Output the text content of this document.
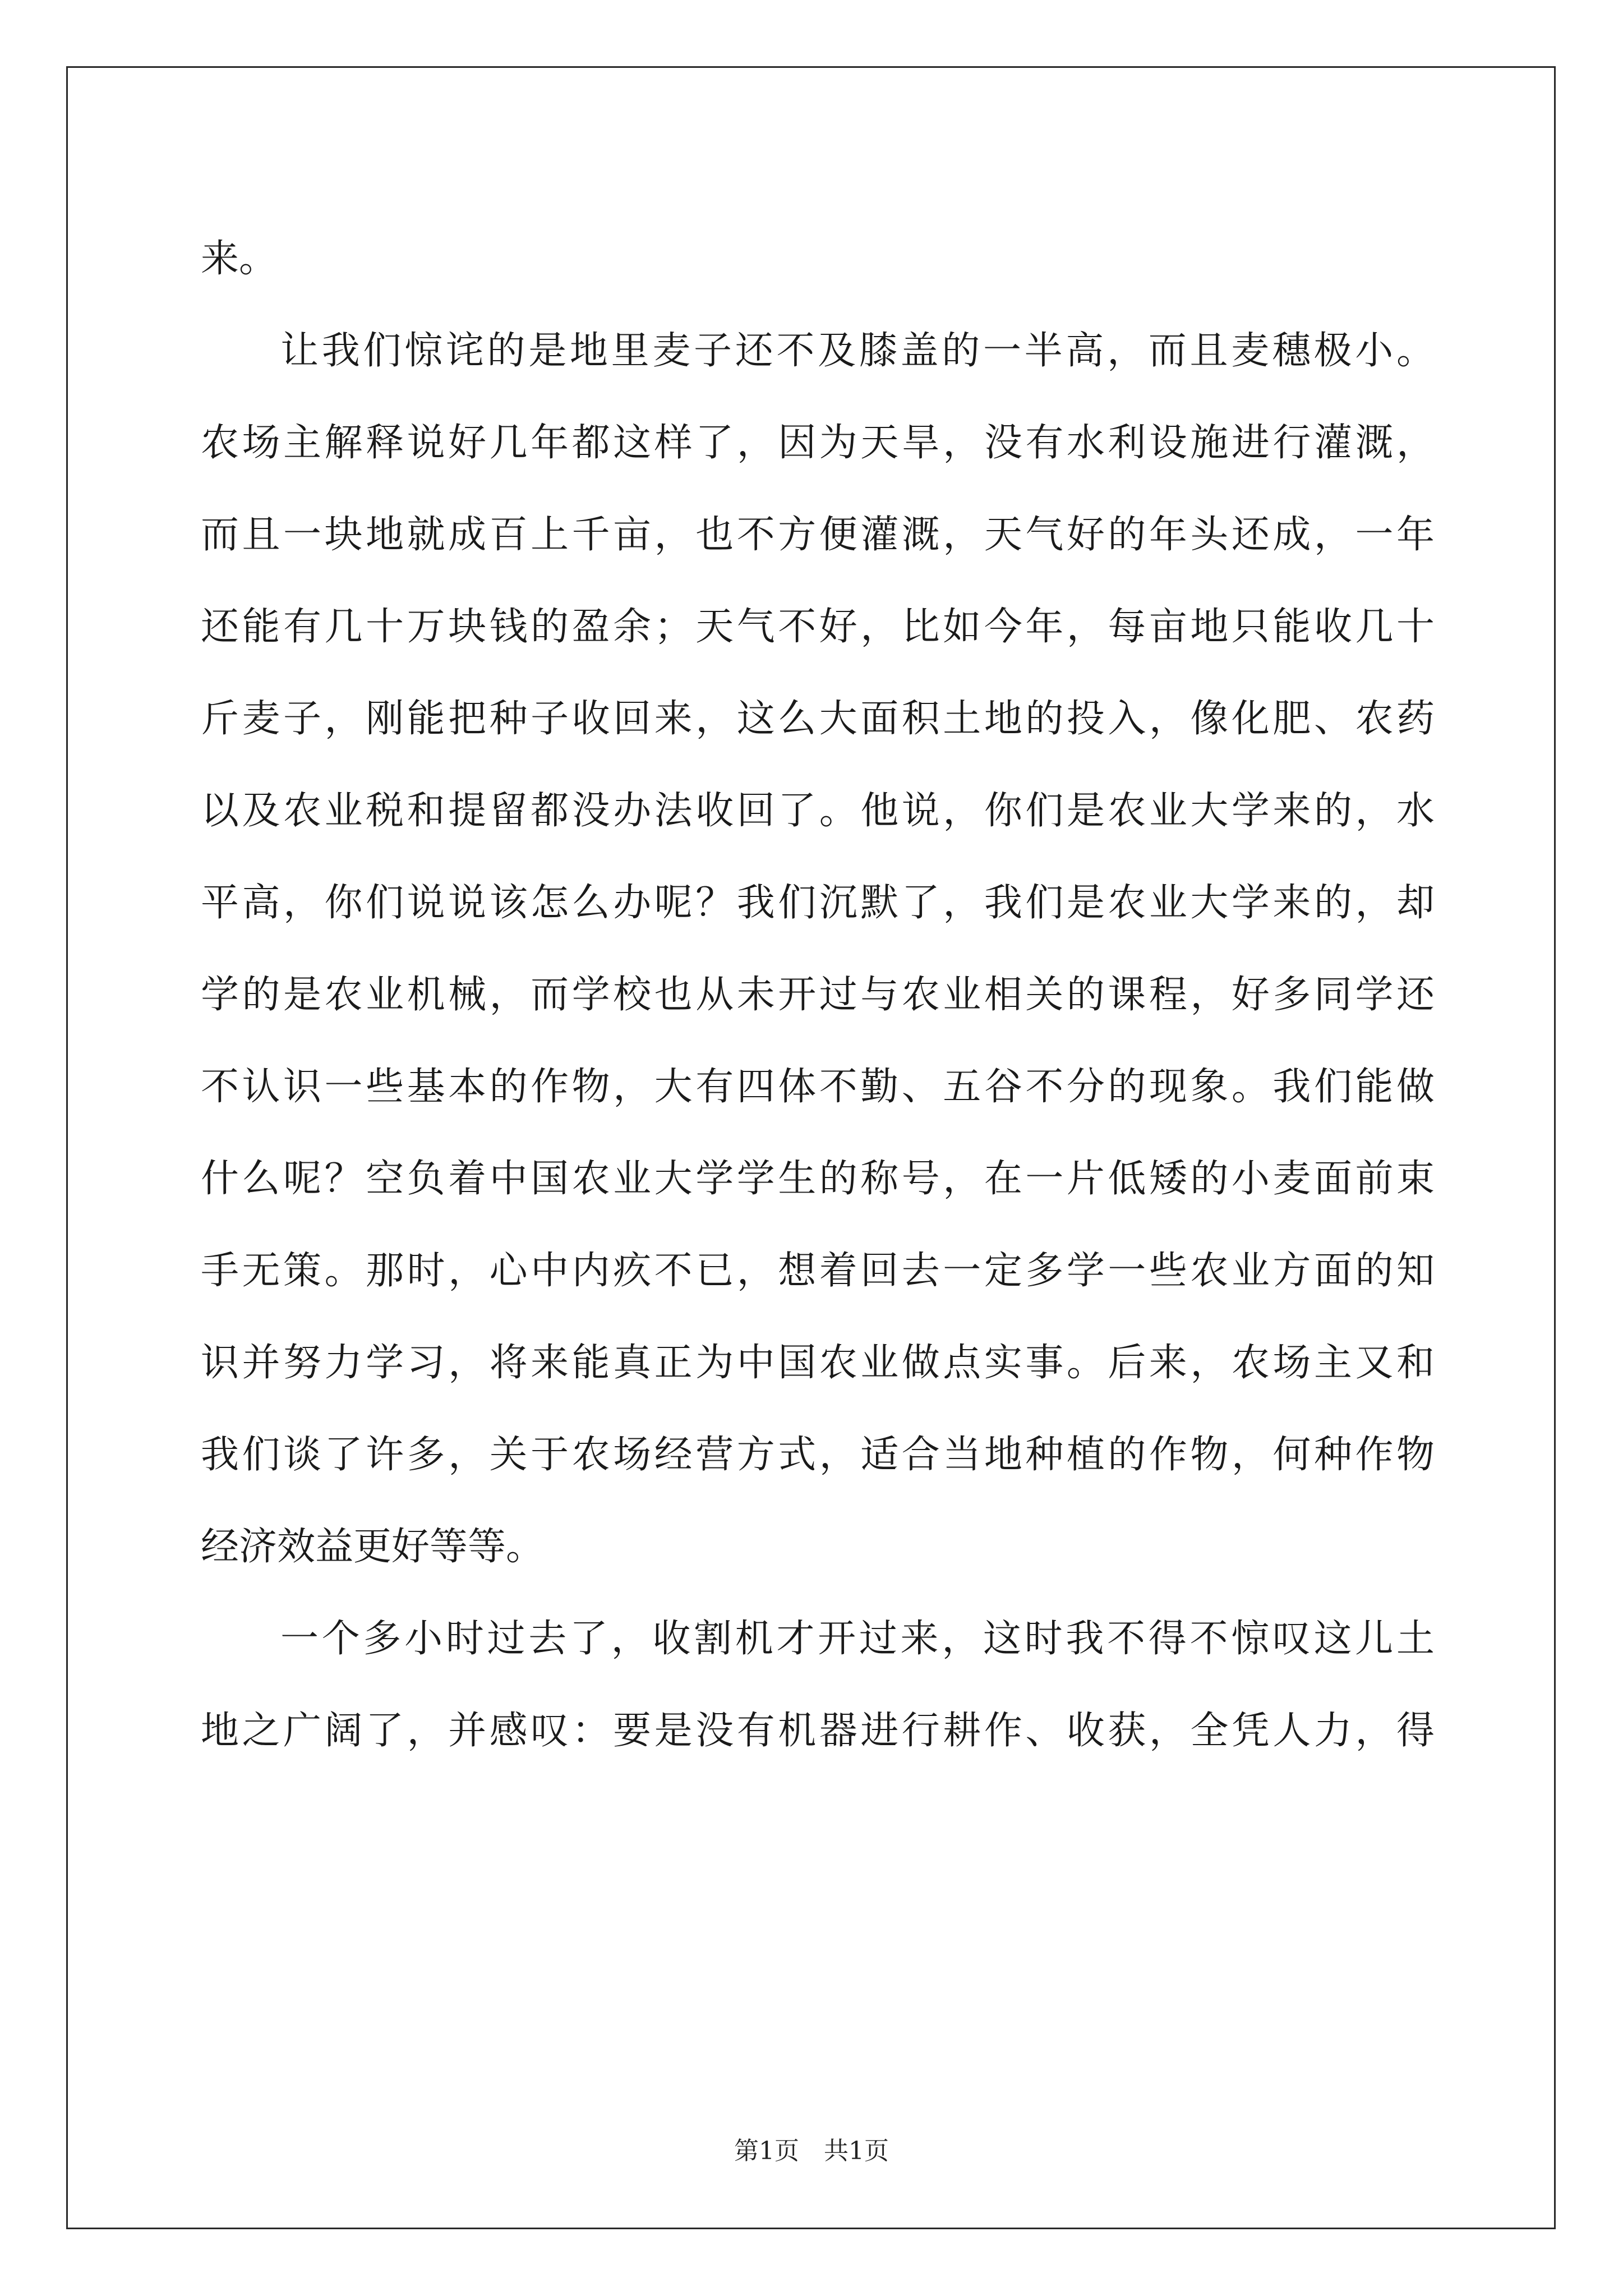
来。
让我们惊诧的是地里麦子还不及膝盖的一半高，而且麦穗极小。
农场主解释说好几年都这样了，因为天旱，没有水利设施进行灌溉，
而且一块地就成百上千亩，也不方便灌溉，天气好的年头还成，一年
还能有几十万块钱的盈余；天气不好，比如今年，每亩地只能收几十
斤麦子，刚能把种子收回来，这么大面积土地的投入，像化肥、农药
以及农业税和提留都没办法收回了。他说，你们是农业大学来的，水
平高，你们说说该怎么办呢？我们沉默了，我们是农业大学来的，却
学的是农业机械，而学校也从未开过与农业相关的课程，好多同学还
不认识一些基本的作物，大有四体不勤、五谷不分的现象。我们能做
什么呢？空负着中国农业大学学生的称号，在一片低矮的小麦面前束
手无策。那时，心中内疚不已，想着回去一定多学一些农业方面的知
识并努力学习，将来能真正为中国农业做点实事。后来，农场主又和
我们谈了许多，关于农场经营方式，适合当地种植的作物，何种作物
经济效益更好等等。
一个多小时过去了，收割机才开过来，这时我不得不惊叹这儿土
地之广阔了，并感叹：要是没有机器进行耕作、收获，全凭人力，得
第1页　共1页
